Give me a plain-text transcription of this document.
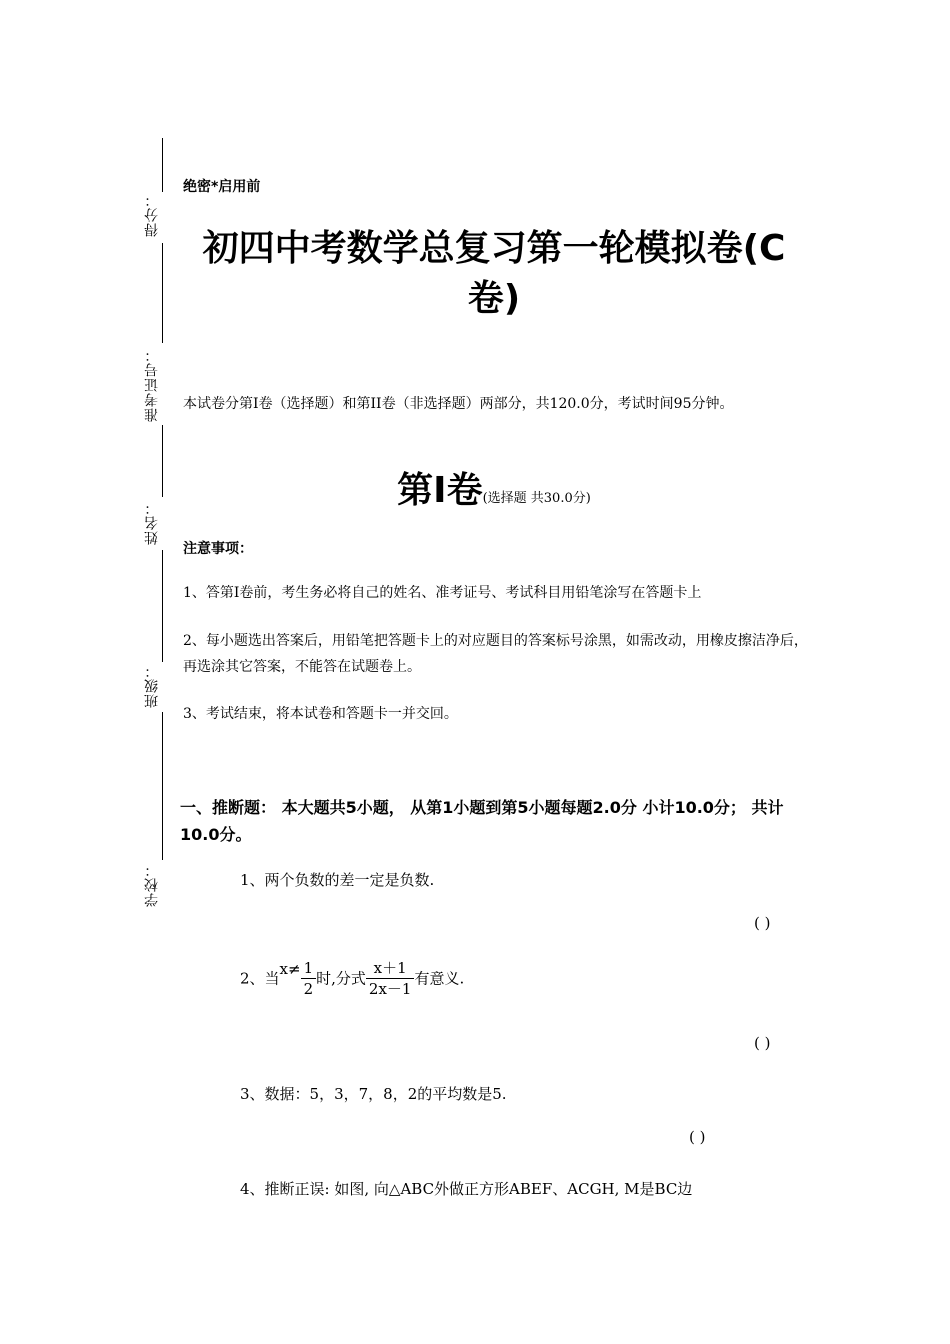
得分：
准考证号：
姓名：
班级：
学校：
绝密*启用前
初四中考数学总复习第一轮模拟卷(C卷)
本试卷分第Ⅰ卷（选择题）和第II卷（非选择题）两部分，共120.0分，考试时间95分钟。
第Ⅰ卷(选择题 共30.0分)
注意事项：
1、答第Ⅰ卷前，考生务必将自己的姓名、准考证号、考试科目用铅笔涂写在答题卡上
2、每小题选出答案后，用铅笔把答题卡上的对应题目的答案标号涂黑，如需改动，用橡皮擦洁净后，再选涂其它答案，不能答在试题卷上。
3、考试结束，将本试卷和答题卡一并交回。
一、推断题： 本大题共5小题， 从第1小题到第5小题每题2.0分 小计10.0分； 共计10.0分。
1、两个负数的差一定是负数.
( )
2、当$x\ne \frac{1}{2}$ 时,分式 $\frac{x+1}{2x-1}$ 有意义.
( )
3、数据：5，3，7，8，2的平均数是5.
( )
4、推断正误: 如图, 向△ABC外做正方形ABEF、ACGH, M是BC边
